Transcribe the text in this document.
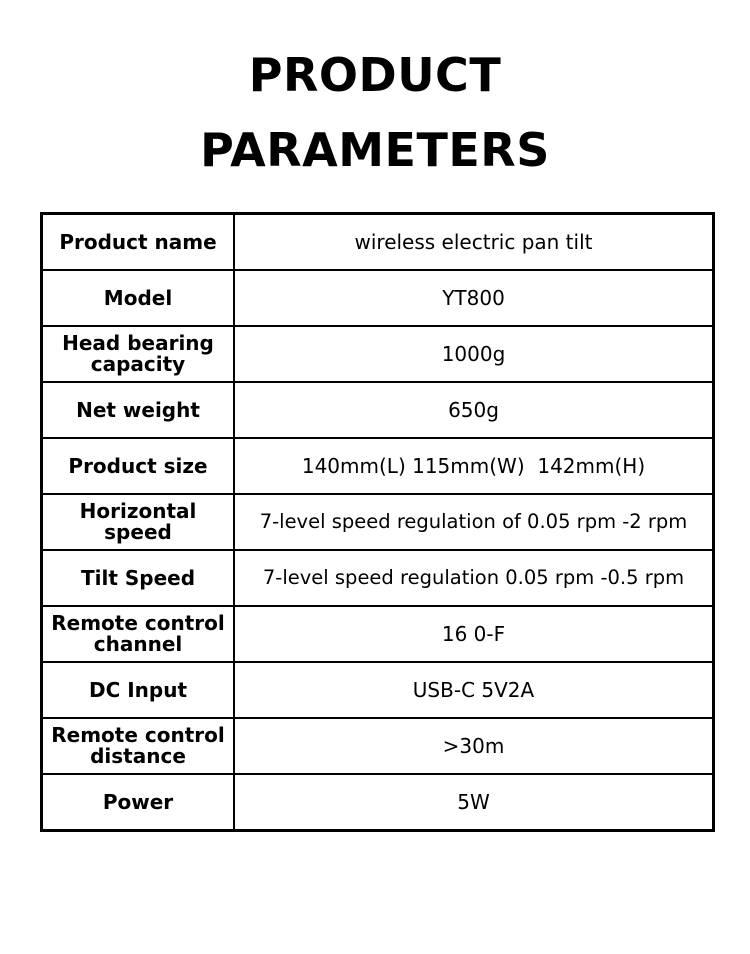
PRODUCT
PARAMETERS
Product name	wireless electric pan tilt
Model	YT800
Head bearing capacity	1000g
Net weight	650g
Product size	140mm(L) 115mm(W)  142mm(H)
Horizontal speed	7-level speed regulation of 0.05 rpm -2 rpm
Tilt Speed	7-level speed regulation 0.05 rpm -0.5 rpm
Remote control channel	16 0-F
DC Input	USB-C 5V2A
Remote control distance	>30m
Power	5W
